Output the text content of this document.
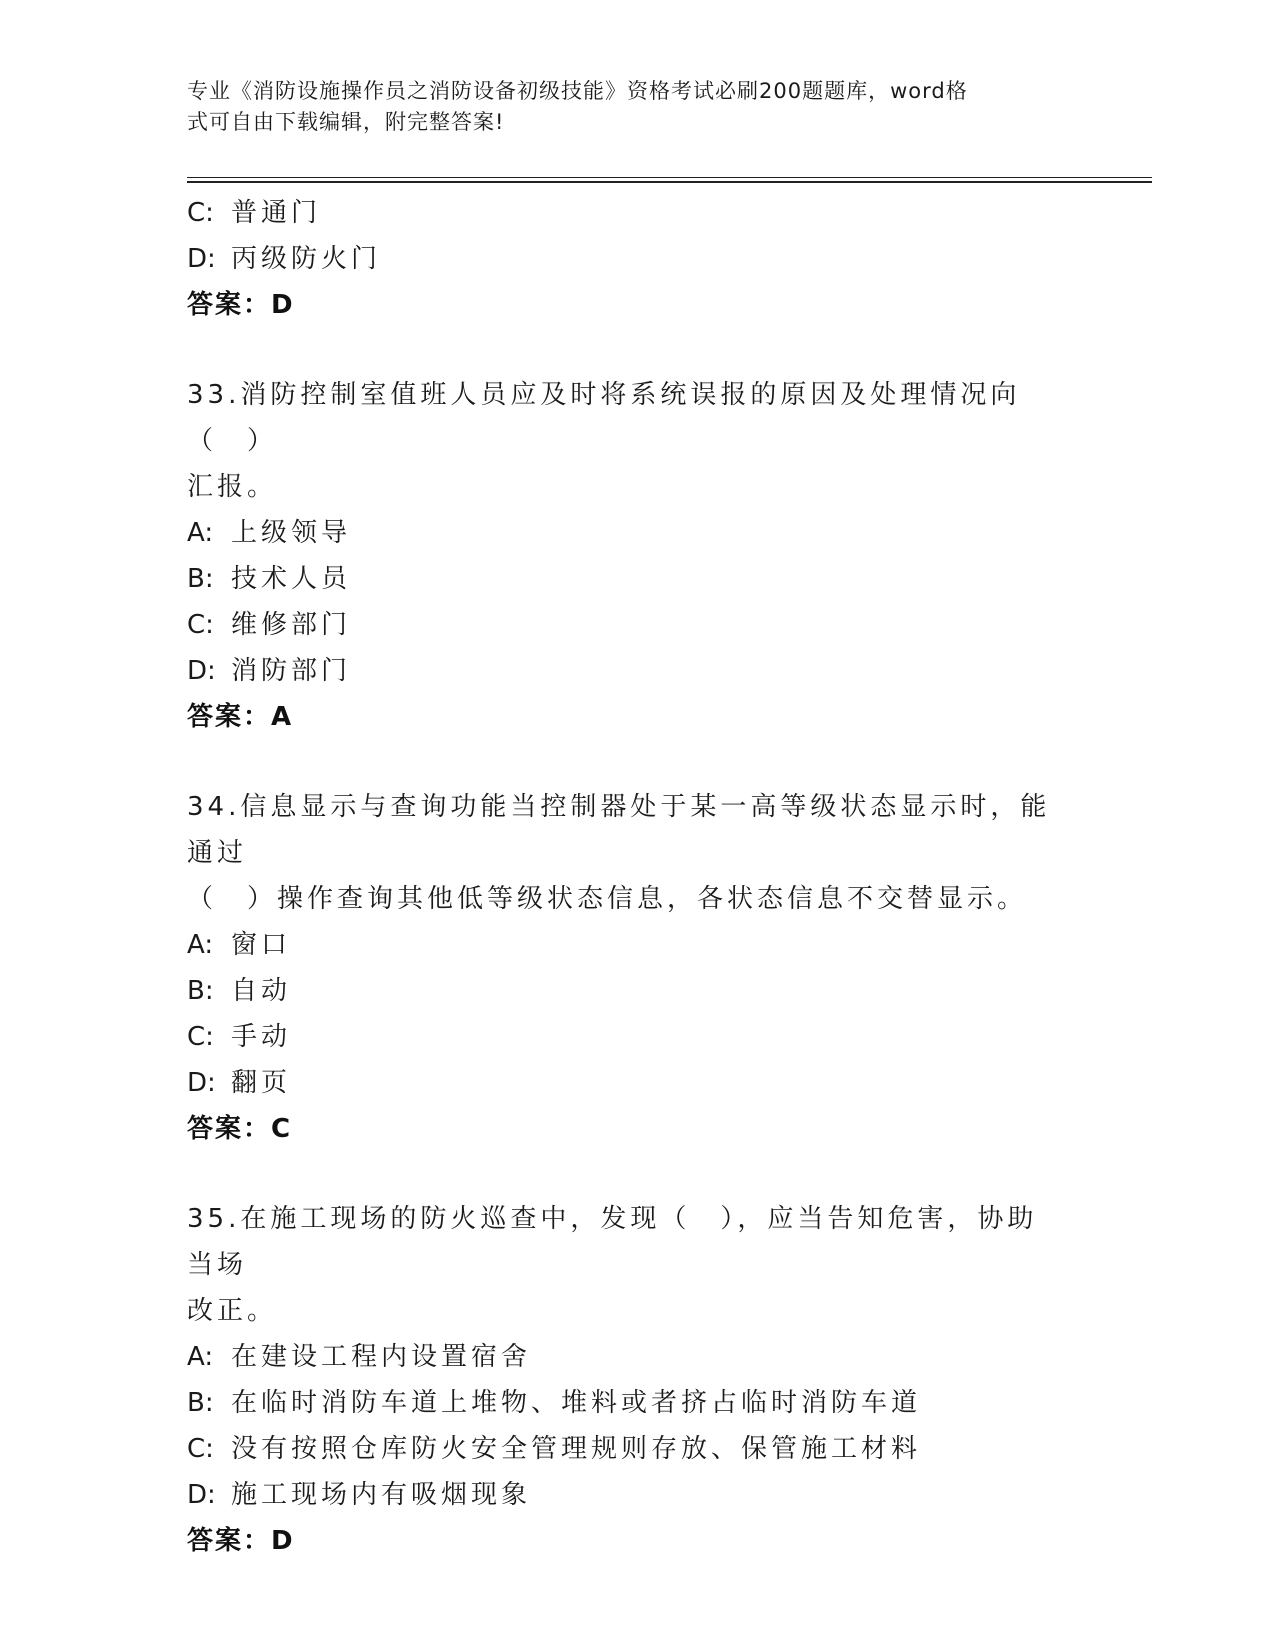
专业《消防设施操作员之消防设备初级技能》资格考试必刷200题题库，word格
式可自由下载编辑，附完整答案!
C: 普通门
D: 丙级防火门
答案：D
33.消防控制室值班人员应及时将系统误报的原因及处理情况向（　）
汇报。
A: 上级领导
B: 技术人员
C: 维修部门
D: 消防部门
答案：A
34.信息显示与查询功能当控制器处于某一高等级状态显示时，能通过
（　）操作查询其他低等级状态信息，各状态信息不交替显示。
A: 窗口
B: 自动
C: 手动
D: 翻页
答案：C
35.在施工现场的防火巡查中，发现（　），应当告知危害，协助当场
改正。
A: 在建设工程内设置宿舍
B: 在临时消防车道上堆物、堆料或者挤占临时消防车道
C: 没有按照仓库防火安全管理规则存放、保管施工材料
D: 施工现场内有吸烟现象
答案：D
